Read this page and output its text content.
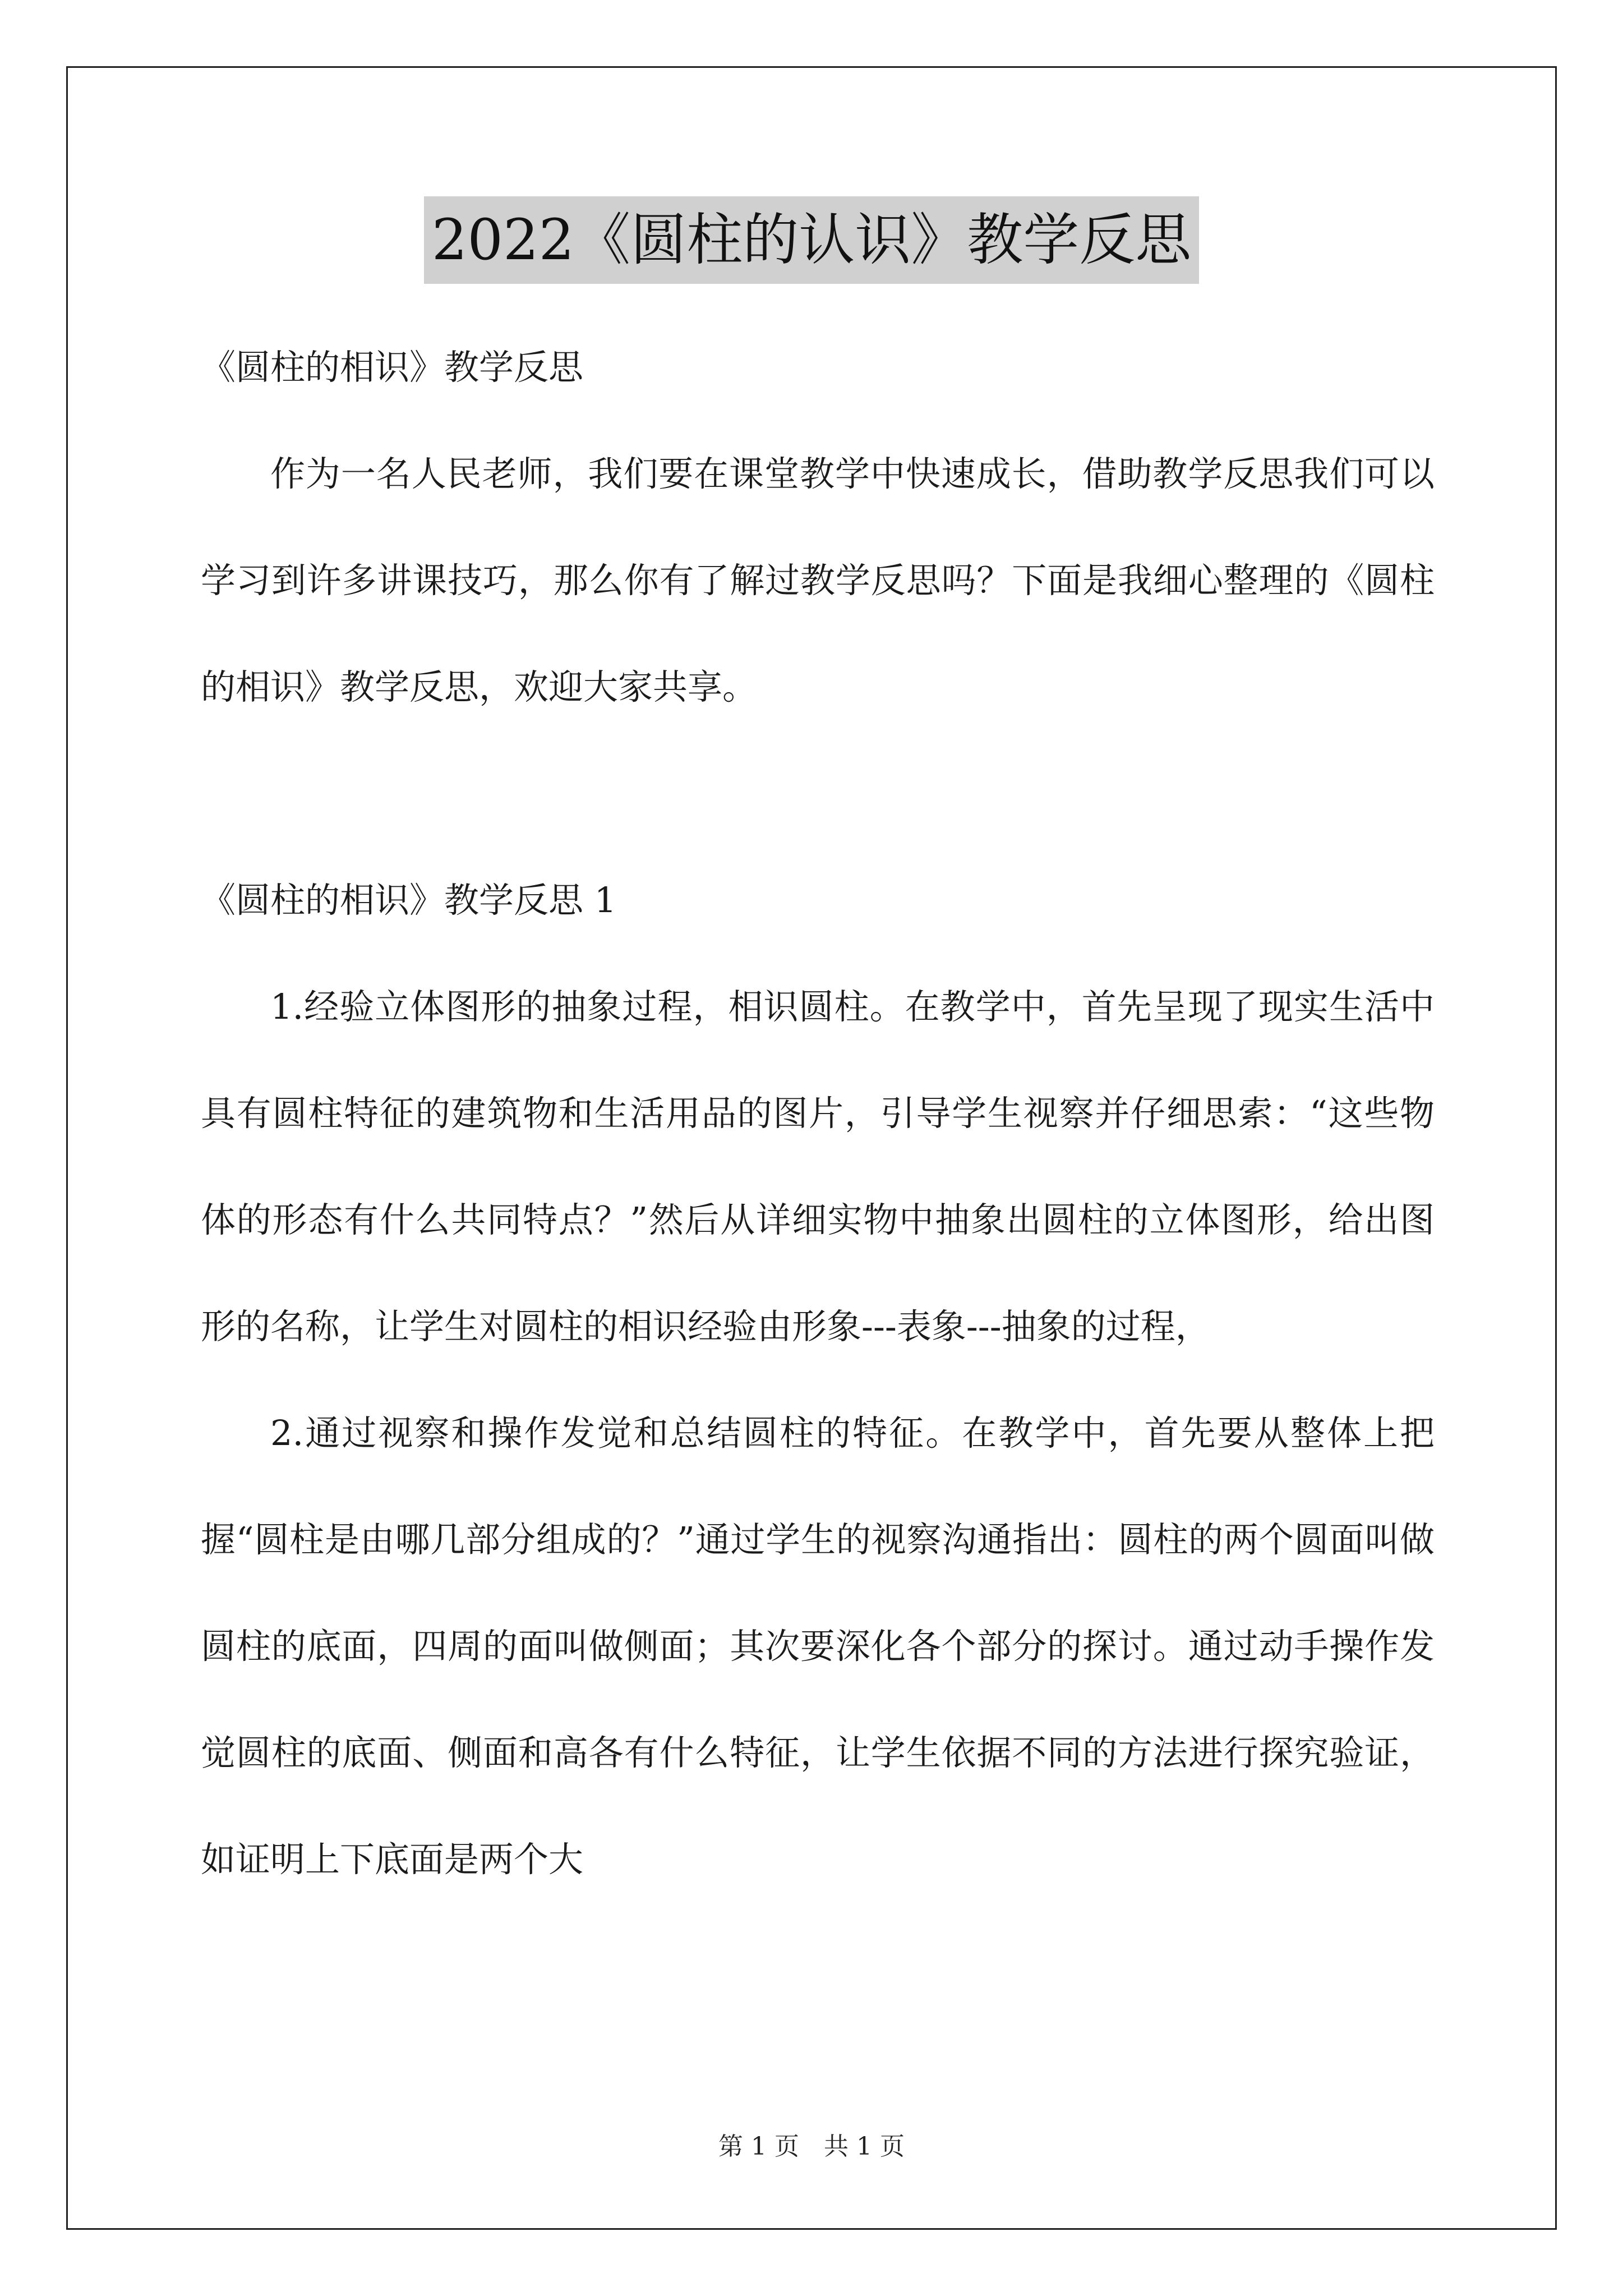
2022《圆柱的认识》教学反思

《圆柱的相识》教学反思

作为一名人民老师，我们要在课堂教学中快速成长，借助教学反思我们可以学习到许多讲课技巧，那么你有了解过教学反思吗？下面是我细心整理的《圆柱的相识》教学反思，欢迎大家共享。

《圆柱的相识》教学反思 1

1.经验立体图形的抽象过程，相识圆柱。在教学中，首先呈现了现实生活中具有圆柱特征的建筑物和生活用品的图片，引导学生视察并仔细思索：“这些物体的形态有什么共同特点？”然后从详细实物中抽象出圆柱的立体图形，给出图形的名称，让学生对圆柱的相识经验由形象---表象---抽象的过程，

2.通过视察和操作发觉和总结圆柱的特征。在教学中，首先要从整体上把握“圆柱是由哪几部分组成的？”通过学生的视察沟通指出：圆柱的两个圆面叫做圆柱的底面，四周的面叫做侧面；其次要深化各个部分的探讨。通过动手操作发觉圆柱的底面、侧面和高各有什么特征，让学生依据不同的方法进行探究验证，如证明上下底面是两个大

第 1 页　共 1 页
